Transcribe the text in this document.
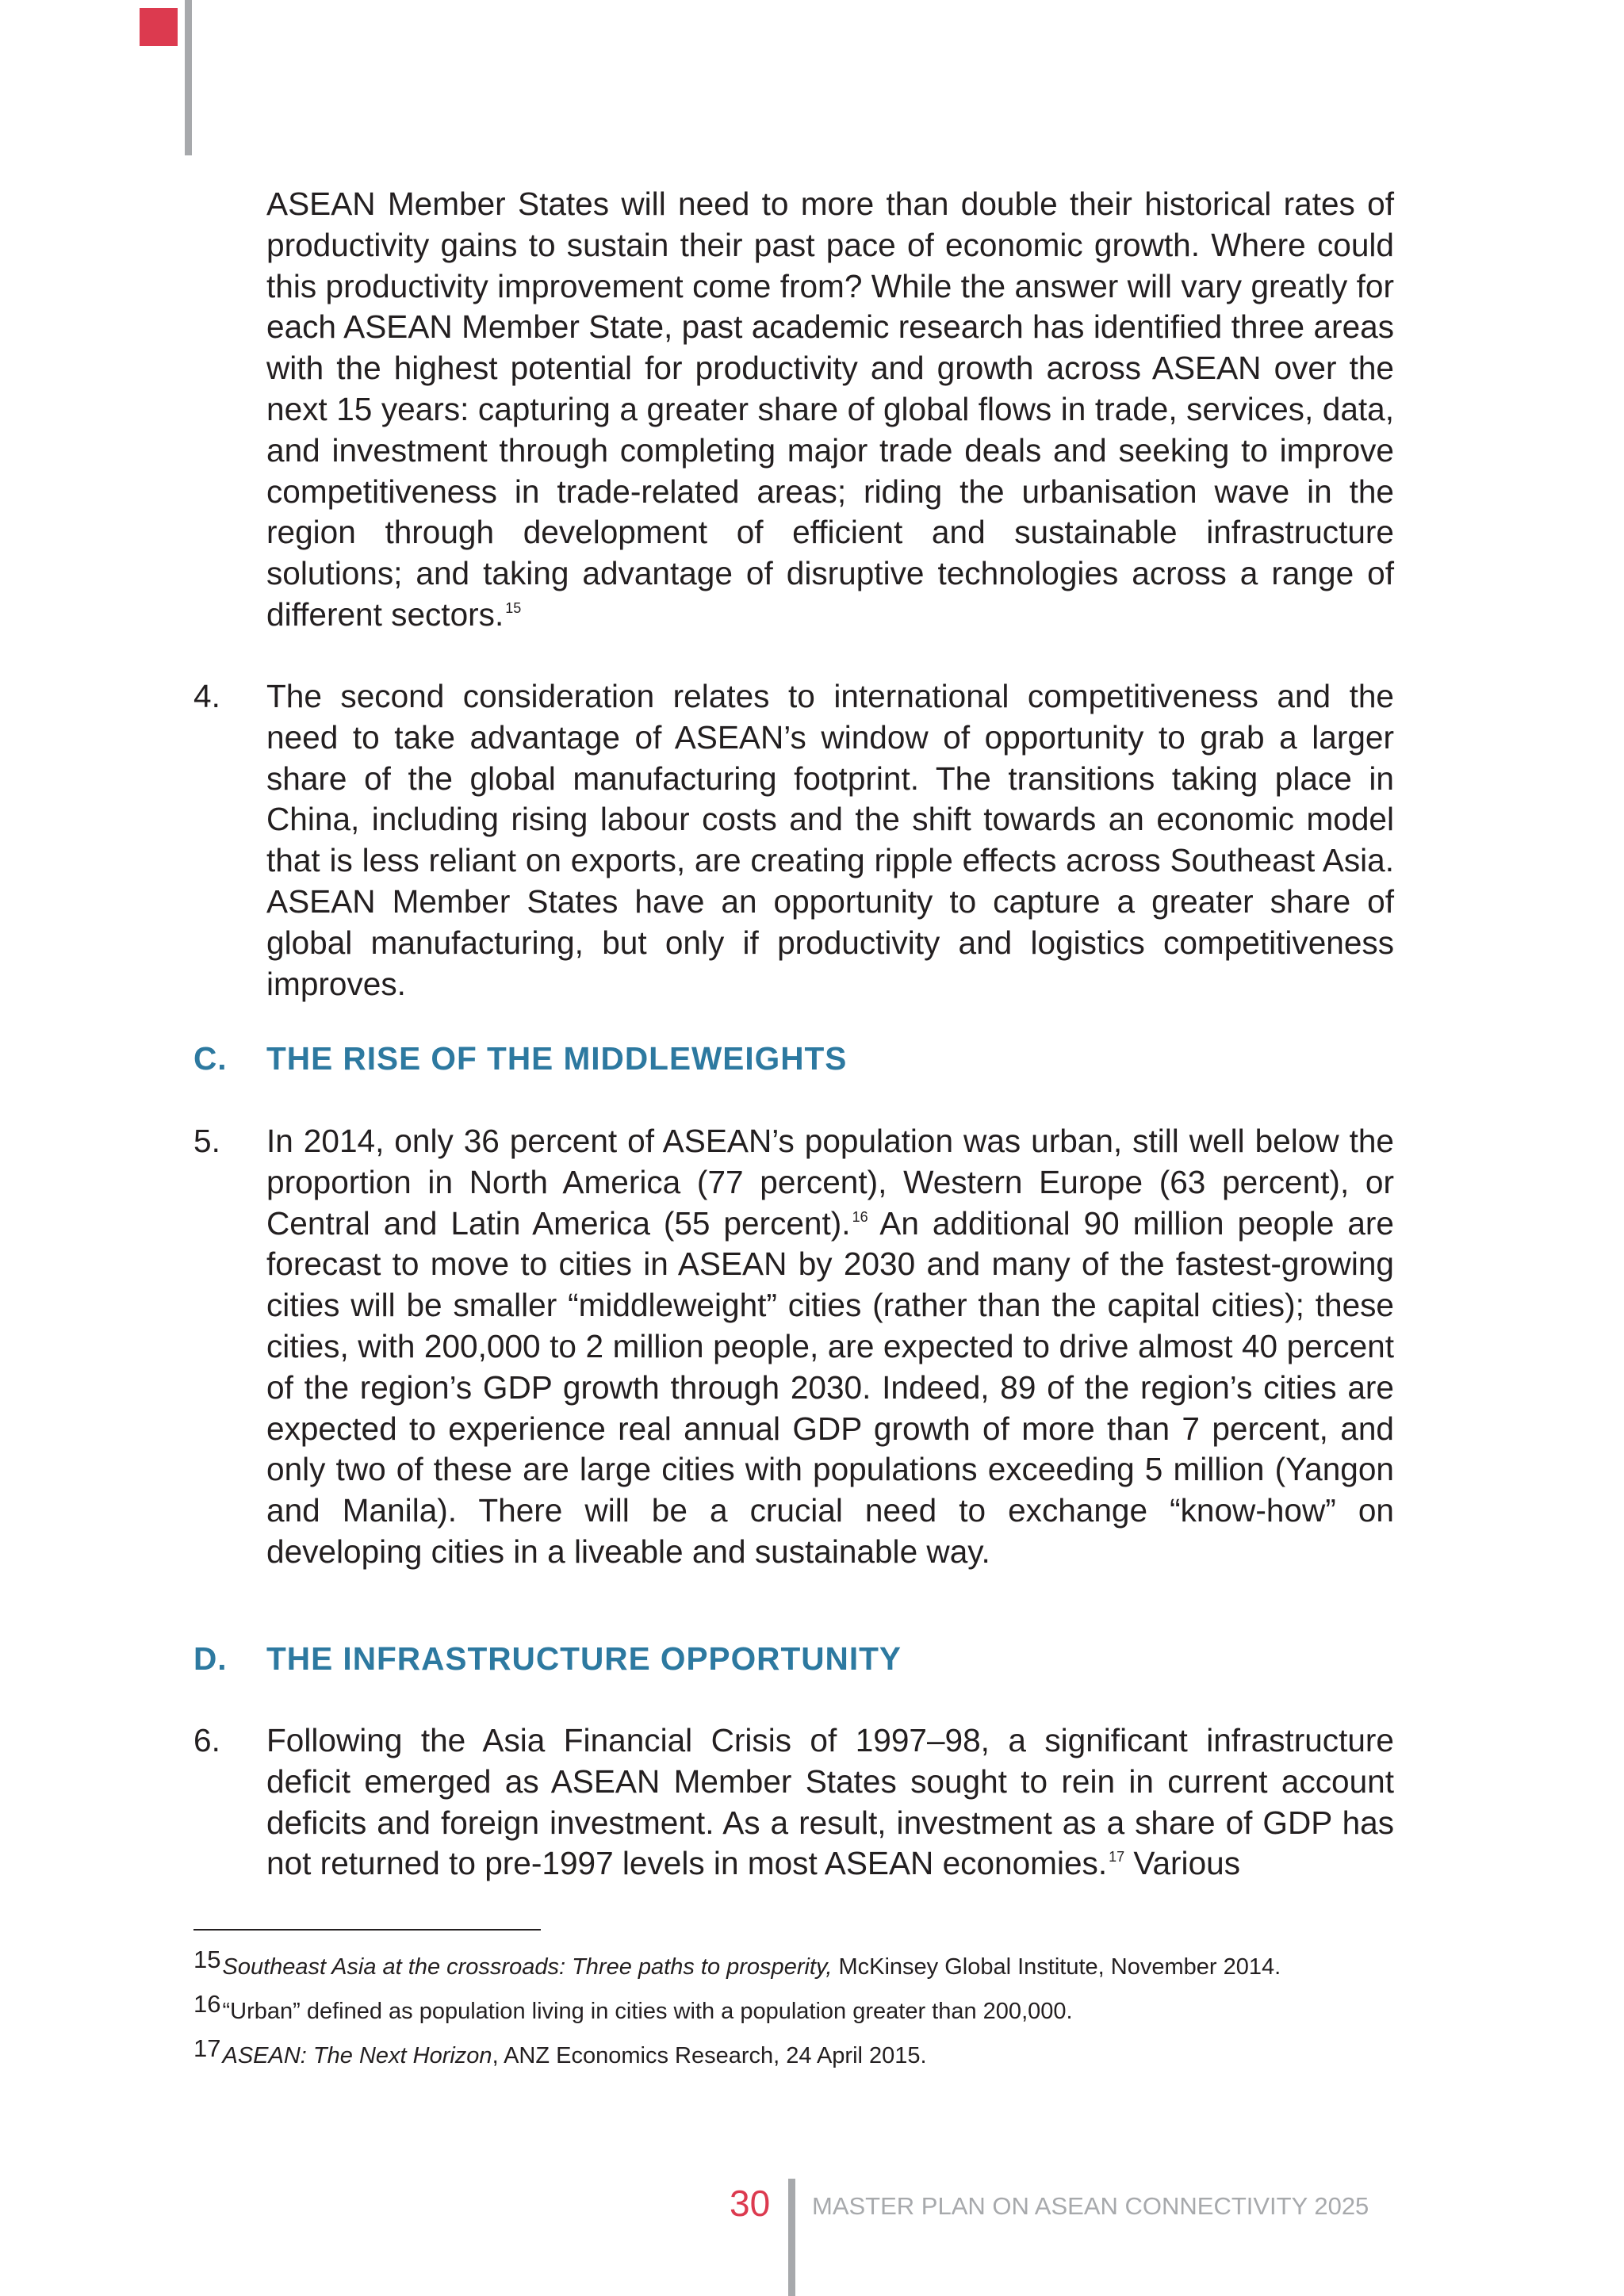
ASEAN Member States will need to more than double their historical rates of productivity gains to sustain their past pace of economic growth. Where could this productivity improvement come from? While the answer will vary greatly for each ASEAN Member State, past academic research has identified three areas with the highest potential for productivity and growth across ASEAN over the next 15 years: capturing a greater share of global flows in trade, services, data, and investment through completing major trade deals and seeking to improve competitiveness in trade-related areas; riding the urbanisation wave in the region through development of efficient and sustainable infrastructure solutions; and taking advantage of disruptive technologies across a range of different sectors. $^{15}$

4. The second consideration relates to international competitiveness and the need to take advantage of ASEAN’s window of opportunity to grab a larger share of the global manufacturing footprint. The transitions taking place in China, including rising labour costs and the shift towards an economic model that is less reliant on exports, are creating ripple effects across Southeast Asia. ASEAN Member States have an opportunity to capture a greater share of global manufacturing, but only if productivity and logistics competitiveness improves.

C. THE RISE OF THE MIDDLEWEIGHTS
5. In 2014, only 36 percent of ASEAN’s population was urban, still well below the proportion in North America (77 percent), Western Europe (63 percent), or Central and Latin America (55 percent). $^{16}$ An additional 90 million people are forecast to move to cities in ASEAN by 2030 and many of the fastest-growing cities will be smaller “middleweight” cities (rather than the capital cities); these cities, with 200,000 to 2 million people, are expected to drive almost 40 percent of the region’s GDP growth through 2030. Indeed, 89 of the region’s cities are expected to experience real annual GDP growth of more than 7 percent, and only two of these are large cities with populations exceeding 5 million (Yangon and Manila). There will be a crucial need to exchange “know-how” on developing cities in a liveable and sustainable way.

D. THE INFRASTRUCTURE OPPORTUNITY
6. Following the Asia Financial Crisis of 1997–98, a significant infrastructure deficit emerged as ASEAN Member States sought to rein in current account deficits and foreign investment. As a result, investment as a share of GDP has not returned to pre-1997 levels in most ASEAN economies. $^{17}$ Various

15Southeast Asia at the crossroads: Three paths to prosperity, McKinsey Global Institute, November 2014.
16“Urban” defined as population living in cities with a population greater than 200,000.
17ASEAN: The Next Horizon, ANZ Economics Research, 24 April 2015.
30 MASTER PLAN ON ASEAN CONNECTIVITY 2025
